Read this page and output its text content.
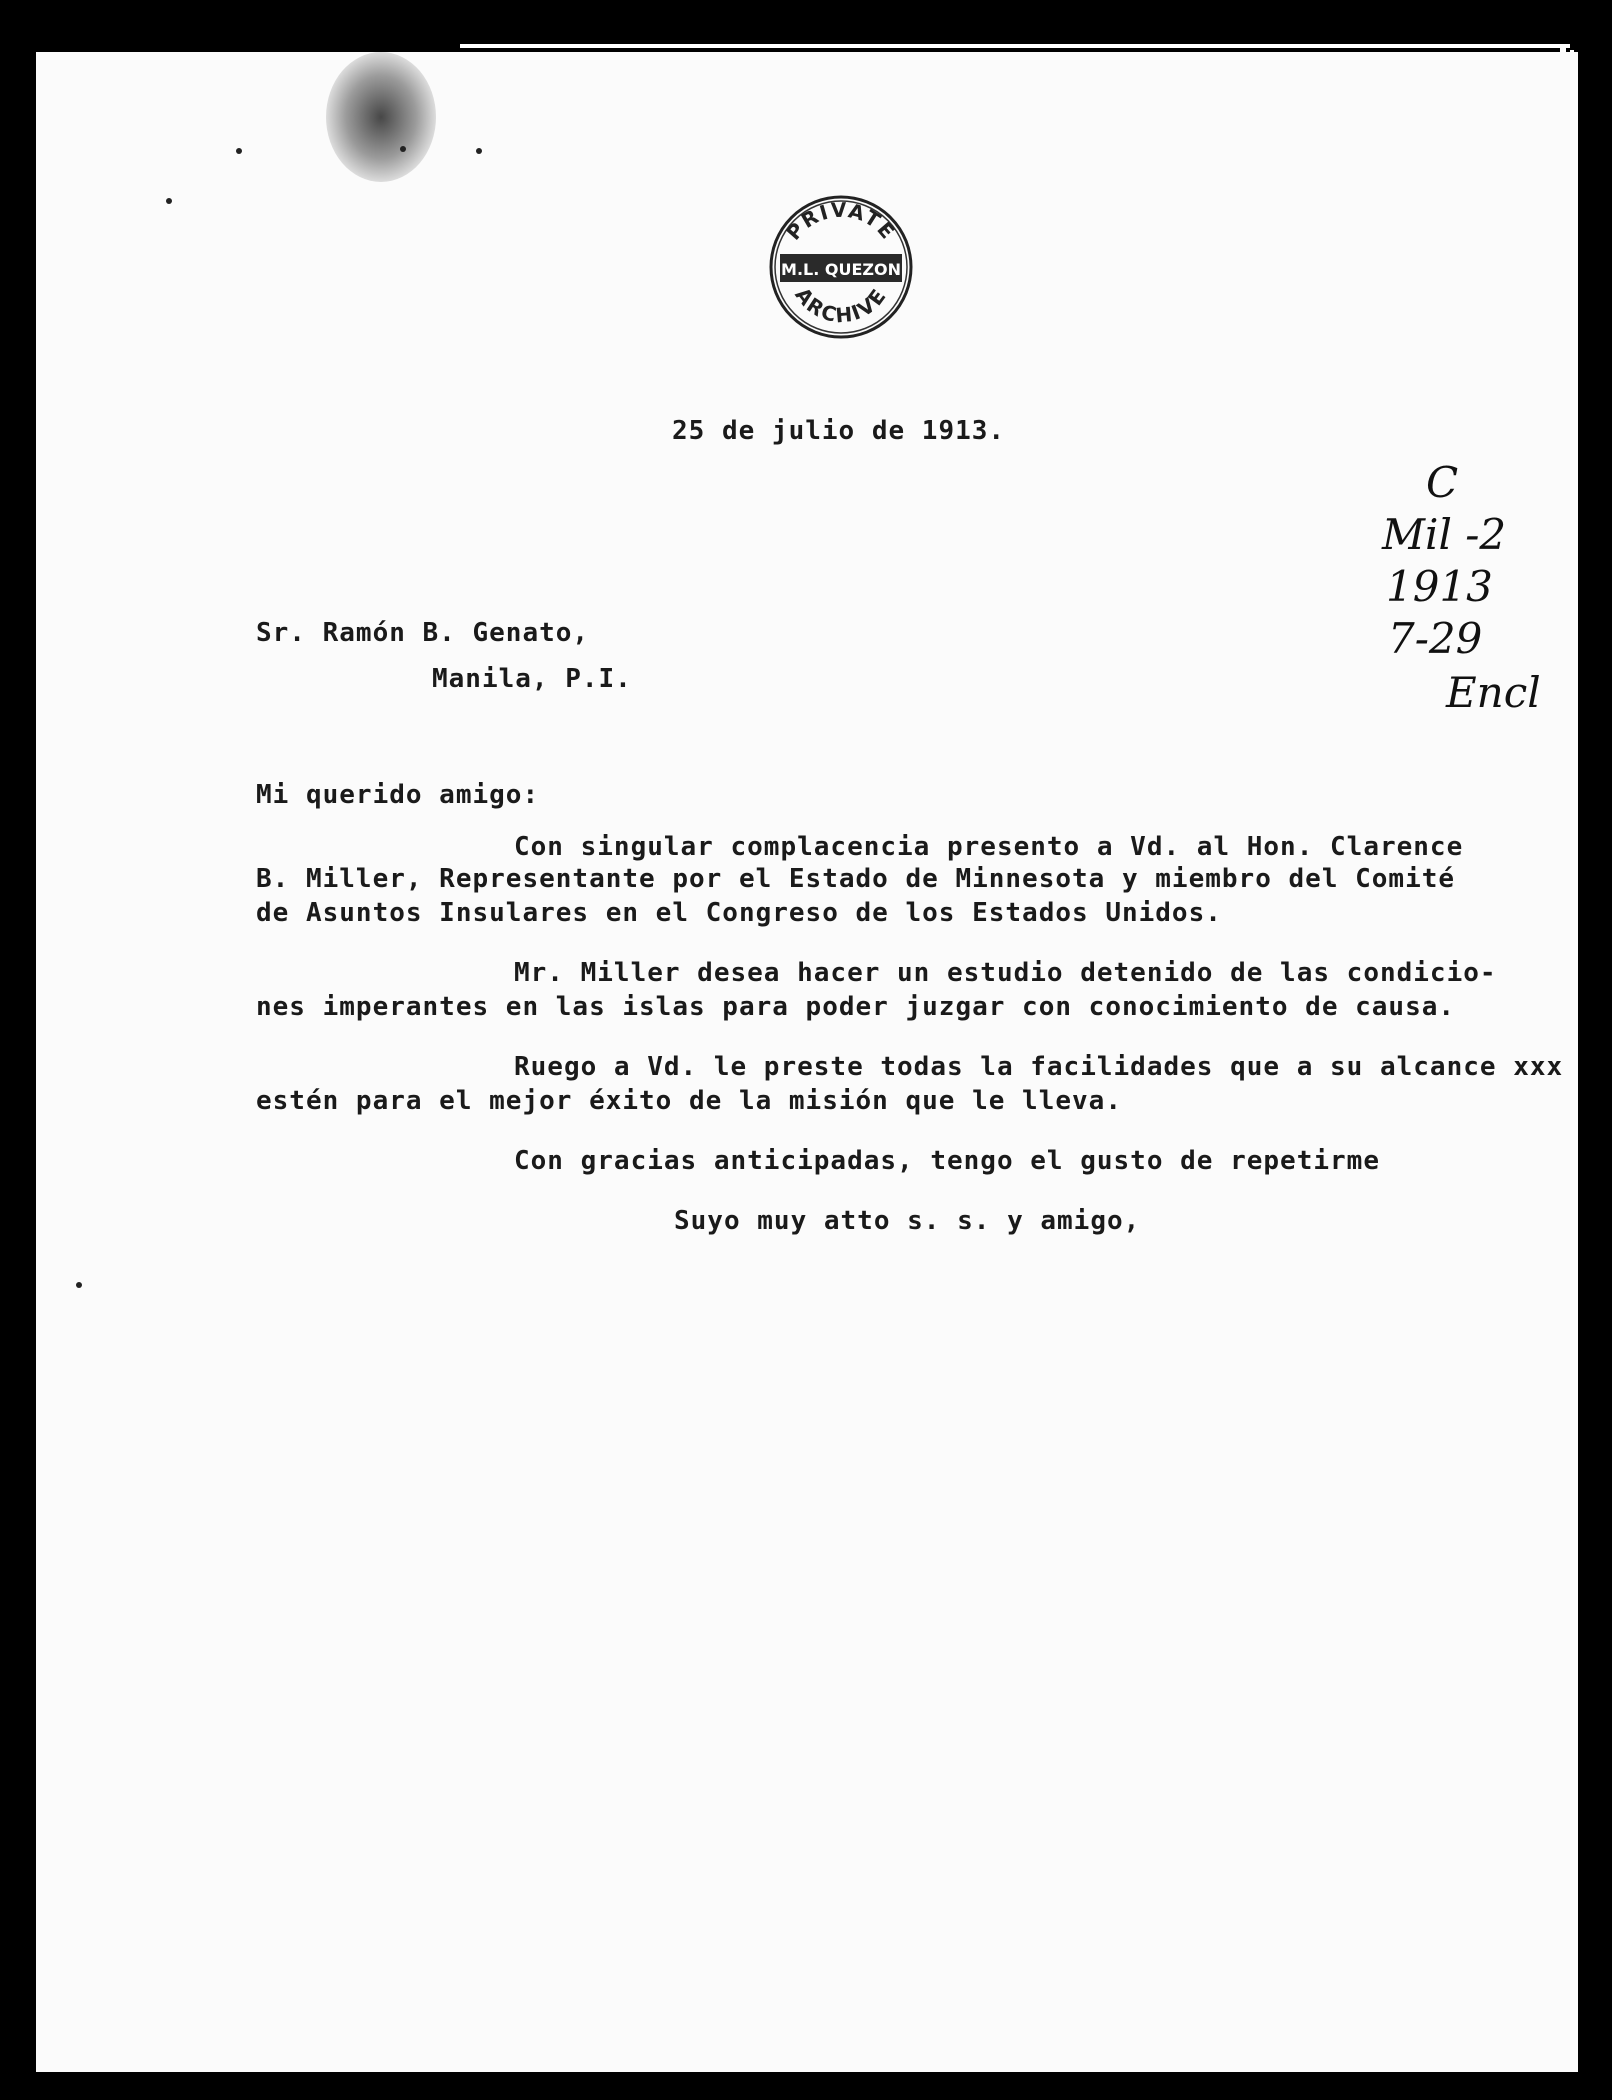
PRIVATE
M.L. QUEZON
ARCHIVE
25 de julio de 1913.
C
Mil -2
1913
7-29
Encl
Sr. Ramón B. Genato,
Manila, P.I.
Mi querido amigo:
Con singular complacencia presento a Vd. al Hon. Clarence
B. Miller, Representante por el Estado de Minnesota y miembro del Comité
de Asuntos Insulares en el Congreso de los Estados Unidos.
Mr. Miller desea hacer un estudio detenido de las condicio-
nes imperantes en las islas para poder juzgar con conocimiento de causa.
Ruego a Vd. le preste todas la facilidades que a su alcance xxx
estén para el mejor éxito de la misión que le lleva.
Con gracias anticipadas, tengo el gusto de repetirme
Suyo muy atto s. s. y amigo,
